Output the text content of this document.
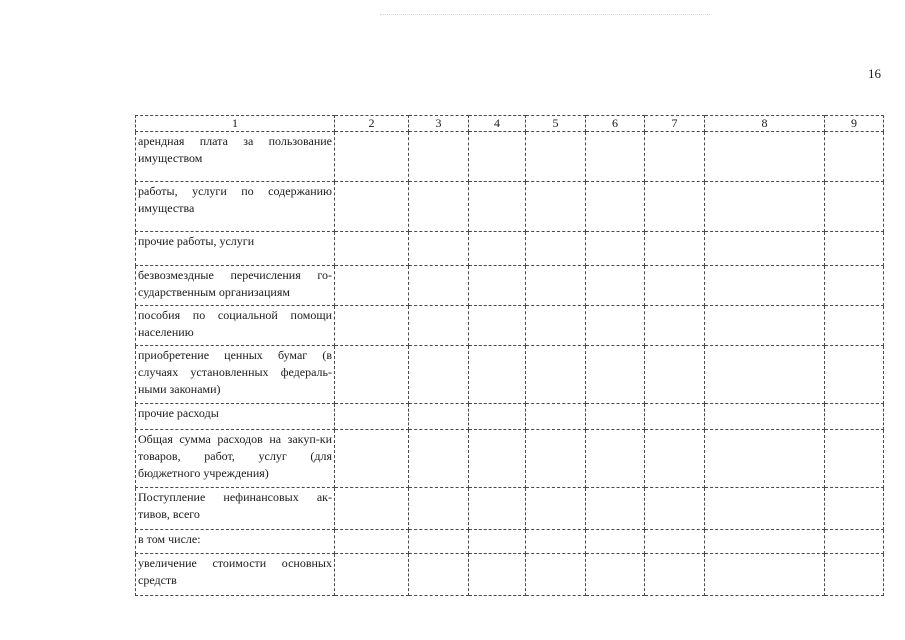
16
1	2	3	4	5	6	7	8	9

арендная плата за пользование имуществом								

работы, услуги по содержанию имущества								

прочие работы, услуги								

безвозмездные перечисления го-сударственным организациям								

пособия по социальной помощи населению								

приобретение ценных бумаг (в случаях установленных федераль-ными законами)								

прочие расходы								

Общая сумма расходов на закуп-ки товаров, работ, услуг (для бюджетного учреждения)								

Поступление нефинансовых ак-тивов, всего								

в том числе:								

увеличение стоимости основных средств								
